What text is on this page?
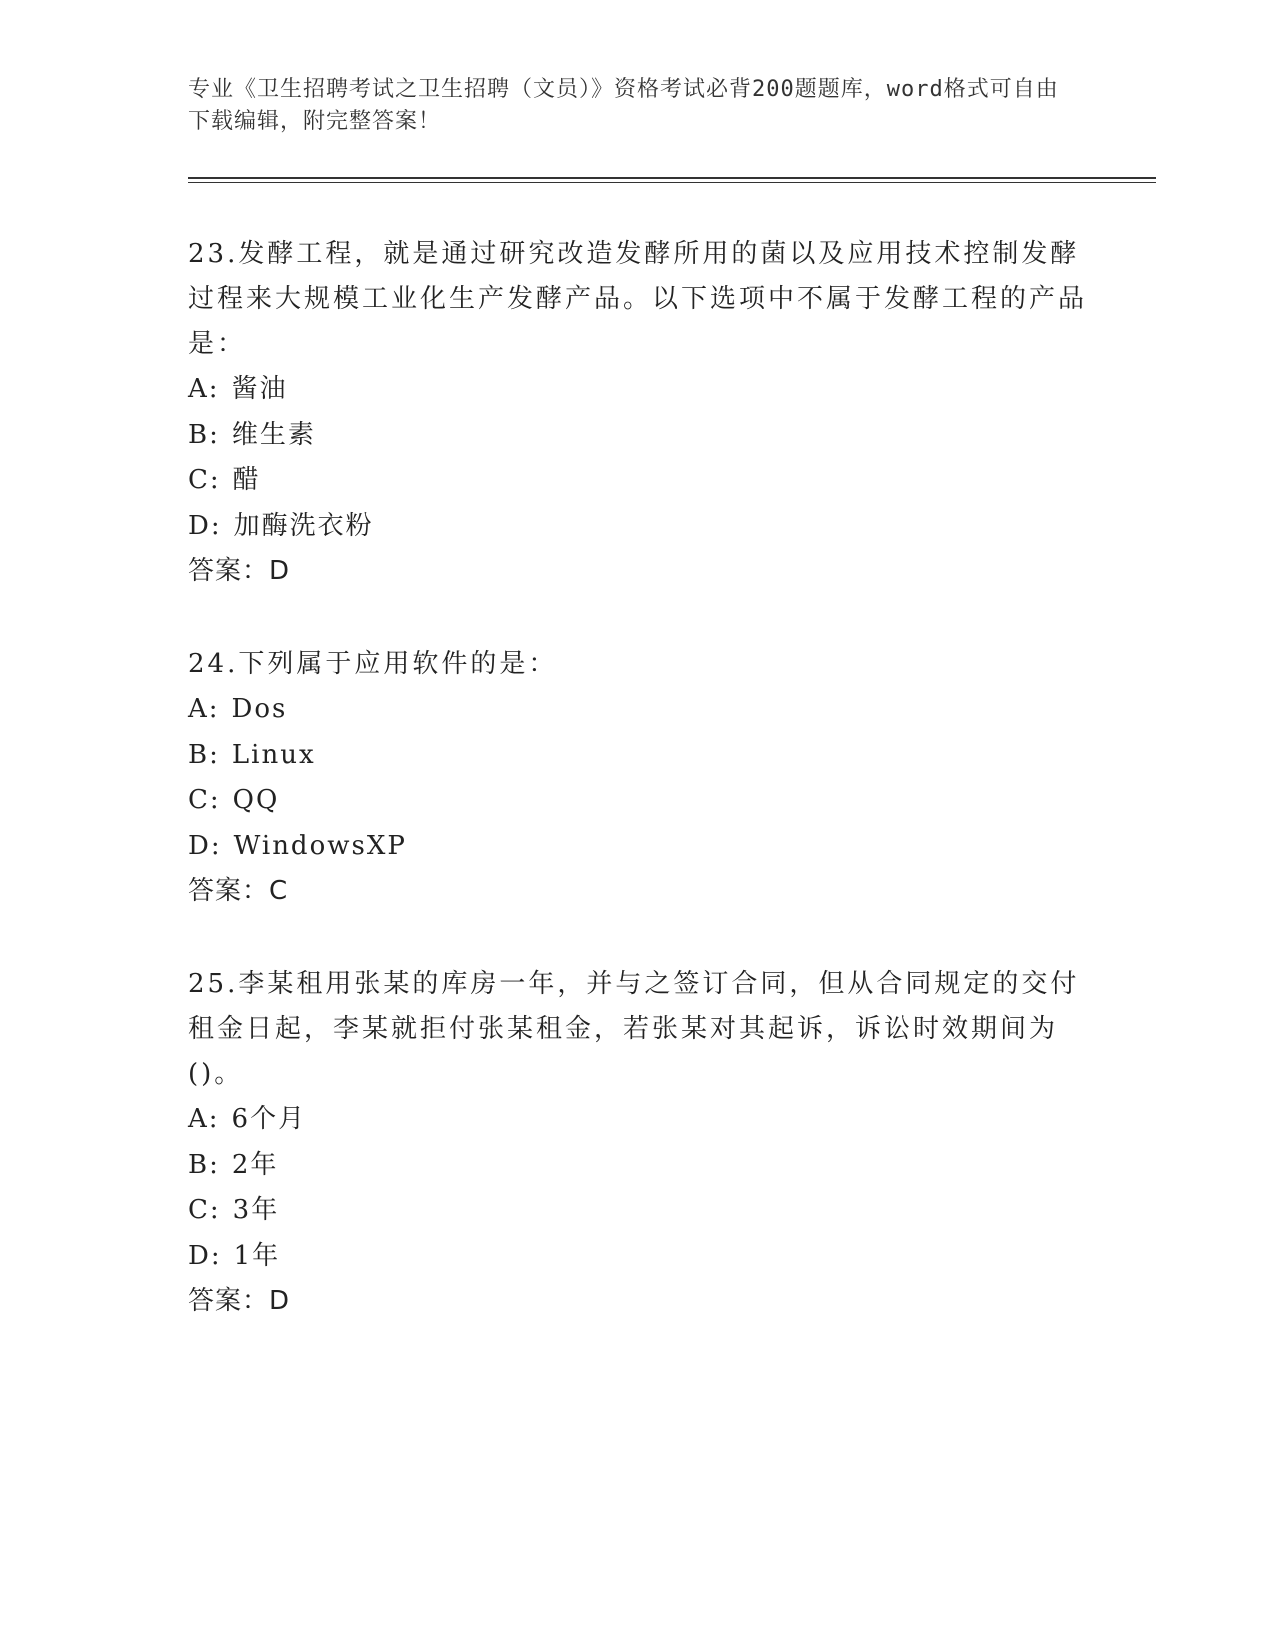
专业《卫生招聘考试之卫生招聘（文员）》资格考试必背200题题库，word格式可自由下载编辑，附完整答案！

23.发酵工程，就是通过研究改造发酵所用的菌以及应用技术控制发酵过程来大规模工业化生产发酵产品。以下选项中不属于发酵工程的产品是：

A: 酱油

B: 维生素

C: 醋

D: 加酶洗衣粉

答案：D

24.下列属于应用软件的是：

A: Dos

B: Linux

C: QQ

D: WindowsXP

答案：C

25.李某租用张某的库房一年，并与之签订合同，但从合同规定的交付租金日起，李某就拒付张某租金，若张某对其起诉，诉讼时效期间为()。

A: 6个月

B: 2年

C: 3年

D: 1年

答案：D
